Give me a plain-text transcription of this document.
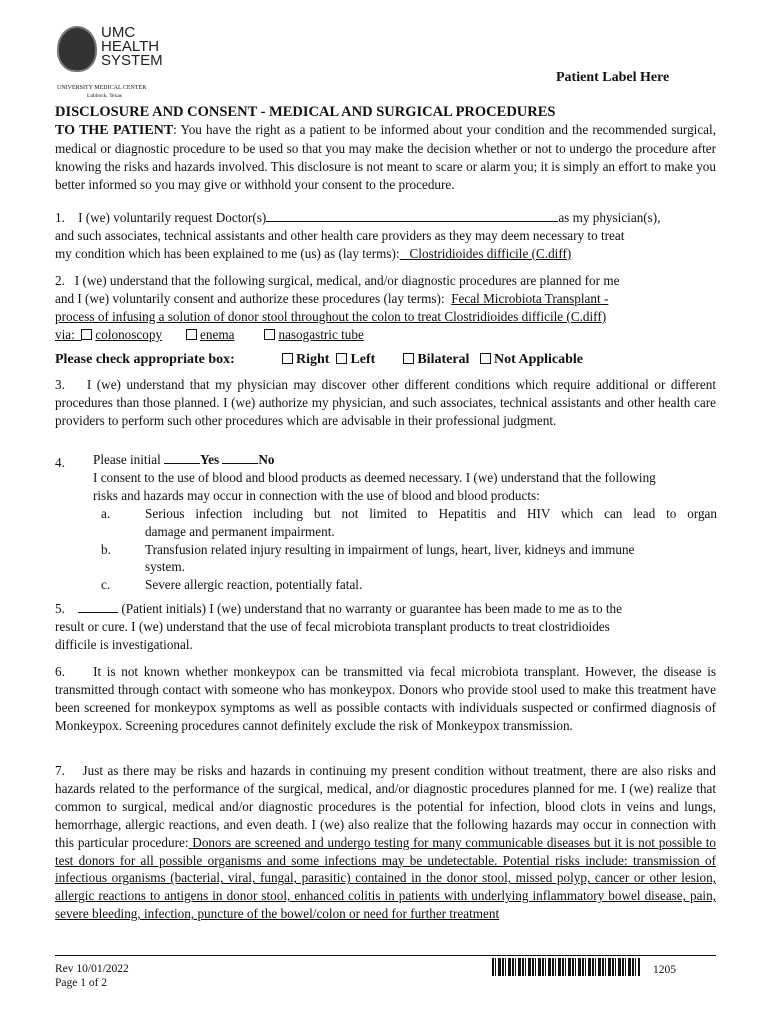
UMC
HEALTH
SYSTEM
UNIVERSITY MEDICAL CENTER
Lubbock, Texas
Patient Label Here
DISCLOSURE AND CONSENT - MEDICAL AND SURGICAL PROCEDURES
TO THE PATIENT: You have the right as a patient to be informed about your condition and the recommended surgical, medical or diagnostic procedure to be used so that you may make the decision whether or not to undergo the procedure after knowing the risks and hazards involved. This disclosure is not meant to scare or alarm you; it is simply an effort to make you better informed so you may give or withhold your consent to the procedure.
1. I (we) voluntarily request Doctor(s)	as my physician(s),
and such associates, technical assistants and other health care providers as they may deem necessary to treat
my condition which has been explained to me (us) as (lay terms): Clostridioides difficile (C.diff)
2. I (we) understand that the following surgical, medical, and/or diagnostic procedures are planned for me
and I (we) voluntarily consent and authorize these procedures (lay terms): Fecal Microbiota Transplant -
process of infusing a solution of donor stool throughout the colon to treat Clostridioides difficile (C.diff)
via: colonoscopy	enema	nasogastric tube
Please check appropriate box:	Right Left	Bilateral Not Applicable
3. I (we) understand that my physician may discover other different conditions which require additional or different procedures than those planned. I (we) authorize my physician, and such associates, technical assistants and other health care providers to perform such other procedures which are advisable in their professional judgment.
4. Please initial	Yes	No
I consent to the use of blood and blood products as deemed necessary. I (we) understand that the following
risks and hazards may occur in connection with the use of blood and blood products:
a.	Serious infection including but not limited to Hepatitis and HIV which can lead to organ
damage and permanent impairment.
b.	Transfusion related injury resulting in impairment of lungs, heart, liver, kidneys and immune
system.
c.	Severe allergic reaction, potentially fatal.
5.	(Patient initials) I (we) understand that no warranty or guarantee has been made to me as to the
result or cure. I (we) understand that the use of fecal microbiota transplant products to treat clostridioides
difficile is investigational.
6. It is not known whether monkeypox can be transmitted via fecal microbiota transplant. However, the disease is transmitted through contact with someone who has monkeypox. Donors who provide stool used to make this treatment have been screened for monkeypox symptoms as well as possible contacts with individuals suspected or confirmed diagnosis of Monkeypox. Screening procedures cannot definitely exclude the risk of Monkeypox transmission.
7. Just as there may be risks and hazards in continuing my present condition without treatment, there are also risks and hazards related to the performance of the surgical, medical, and/or diagnostic procedures planned for me. I (we) realize that common to surgical, medical and/or diagnostic procedures is the potential for infection, blood clots in veins and lungs, hemorrhage, allergic reactions, and even death. I (we) also realize that the following hazards may occur in connection with this particular procedure: Donors are screened and undergo testing for many communicable diseases but it is not possible to test donors for all possible organisms and some infections may be undetectable. Potential risks include: transmission of infectious organisms (bacterial, viral, fungal, parasitic) contained in the donor stool, missed polyp, cancer or other lesion, allergic reactions to antigens in donor stool, enhanced colitis in patients with underlying inflammatory bowel disease, pain, severe bleeding, infection, puncture of the bowel/colon or need for further treatment
Rev 10/01/2022
Page 1 of 2
1205
